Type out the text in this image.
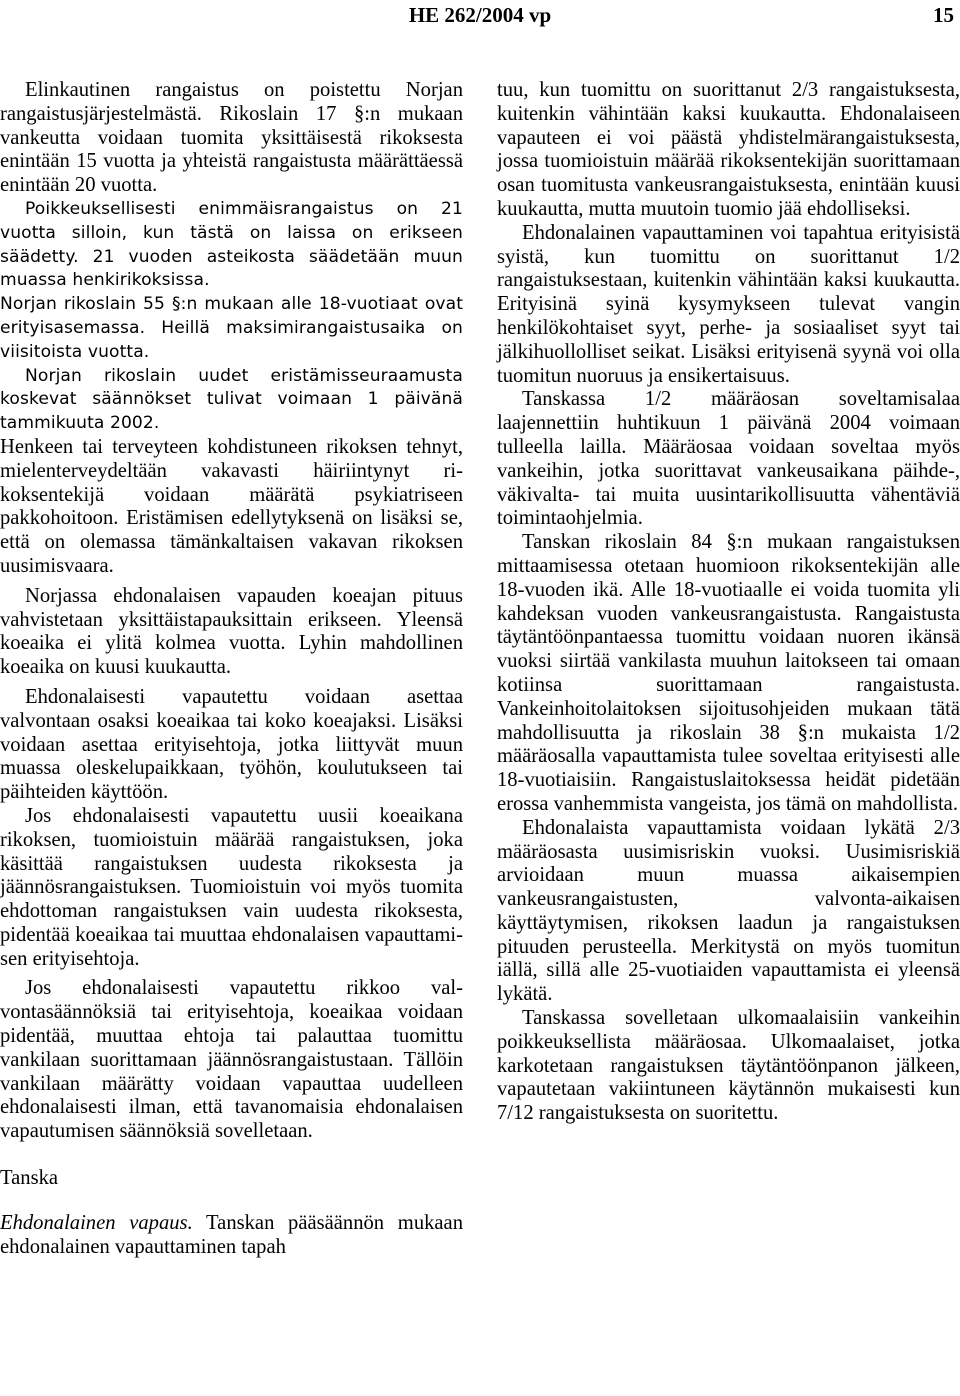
HE 262/2004 vp	15

Elinkautinen rangaistus on poistettu Norjan rangaistusjärjestelmästä. Rikoslain 17 §:n mukaan vankeutta voidaan tuomita yksittäisestä rikoksesta enintään 15 vuotta ja yhteistä rangaistusta määrättäessä enintään 20 vuotta.

Poikkeuksellisesti enimmäisrangaistus on 21 vuotta silloin, kun tästä on laissa on erikseen säädetty. 21 vuoden asteikosta säädetään muun muassa henkirikoksissa.

Norjan rikoslain 55 §:n mukaan alle 18-vuotiaat ovat erityisasemassa. Heillä maksimirangaistusaika on viisitoista vuotta.

Norjan rikoslain uudet eristämisseuraamusta koskevat säännökset tulivat voimaan 1 päivänä tammikuuta 2002.

Henkeen tai terveyteen kohdistuneen rikoksen tehnyt, mielenterveydeltään vakavasti häiriintynyt rikoksentekijä voidaan määrätä psykiatriseen pakkohoitoon. Eristämisen edellytyksenä on lisäksi se, että on olemassa tämänkaltaisen vakavan rikoksen uusimisvaara.

Norjassa ehdonalaisen vapauden koeajan pituus vahvistetaan yksittäistapauksittain erikseen. Yleensä koeaika ei ylitä kolmea vuotta. Lyhin mahdollinen koeaika on kuusi kuukautta.

Ehdonalaisesti vapautettu voidaan asettaa valvontaan osaksi koeaikaa tai koko koeajaksi. Lisäksi voidaan asettaa erityisehtoja, jotka liittyvät muun muassa oleskelupaikkaan, työhön, koulutukseen tai päihteiden käyttöön.

Jos ehdonalaisesti vapautettu uusii koeaikana rikoksen, tuomioistuin määrää rangaistuksen, joka käsittää rangaistuksen uudesta rikoksesta ja jäännösrangaistuksen. Tuomioistuin voi myös tuomita ehdottoman rangaistuksen vain uudesta rikoksesta, pidentää koeaikaa tai muuttaa ehdonalaisen vapauttamisen erityisehtoja.

Jos ehdonalaisesti vapautettu rikkoo valvontasäännöksiä tai erityisehtoja, koeaikaa voidaan pidentää, muuttaa ehtoja tai palauttaa tuomittu vankilaan suorittamaan jäännösrangaistustaan. Tällöin vankilaan määrätty voidaan vapauttaa uudelleen ehdonalaisesti ilman, että tavanomaisia ehdonalaisen vapautumisen säännöksiä sovelletaan.

Tanska

Ehdonalainen vapaus. Tanskan pääsäännön mukaan ehdonalainen vapauttaminen tapah

tuu, kun tuomittu on suorittanut 2/3 rangaistuksesta, kuitenkin vähintään kaksi kuukautta. Ehdonalaiseen vapauteen ei voi päästä yhdistelmärangaistuksesta, jossa tuomioistuin määrää rikoksentekijän suorittamaan osan tuomitusta vankeusrangaistuksesta, enintään kuusi kuukautta, mutta muutoin tuomio jää ehdolliseksi.

Ehdonalainen vapauttaminen voi tapahtua erityisistä syistä, kun tuomittu on suorittanut 1/2 rangaistuksestaan, kuitenkin vähintään kaksi kuukautta. Erityisinä syinä kysymykseen tulevat vangin henkilökohtaiset syyt, perhe- ja sosiaaliset syyt tai jälkihuollolliset seikat. Lisäksi erityisenä syynä voi olla tuomitun nuoruus ja ensikertaisuus.

Tanskassa 1/2 määräosan soveltamisalaa laajennettiin huhtikuun 1 päivänä 2004 voimaan tulleella lailla. Määräosaa voidaan soveltaa myös vankeihin, jotka suorittavat vankeusaikana päihde-, väkivalta- tai muita uusintarikollisuutta vähentäviä toimintaohjelmia.

Tanskan rikoslain 84 §:n mukaan rangaistuksen mittaamisessa otetaan huomioon rikoksentekijän alle 18-vuoden ikä. Alle 18-vuotiaalle ei voida tuomita yli kahdeksan vuoden vankeusrangaistusta. Rangaistusta täytäntöönpantaessa tuomittu voidaan nuoren ikänsä vuoksi siirtää vankilasta muuhun laitokseen tai omaan kotiinsa suorittamaan rangaistusta. Vankeinhoitolaitoksen sijoitusohjeiden mukaan tätä mahdollisuutta ja rikoslain 38 §:n mukaista 1/2 määräosalla vapauttamista tulee soveltaa erityisesti alle 18-vuotiaisiin. Rangaistuslaitoksessa heidät pidetään erossa vanhemmista vangeista, jos tämä on mahdollista.

Ehdonalaista vapauttamista voidaan lykätä 2/3 määräosasta uusimisriskin vuoksi. Uusimisriskiä arvioidaan muun muassa aikaisempien vankeusrangaistusten, valvonta-aikaisen käyttäytymisen, rikoksen laadun ja rangaistuksen pituuden perusteella. Merkitystä on myös tuomitun iällä, sillä alle 25-vuotiaiden vapauttamista ei yleensä lykätä.

Tanskassa sovelletaan ulkomaalaisiin vankeihin poikkeuksellista määräosaa. Ulkomaalaiset, jotka karkotetaan rangaistuksen täytäntöönpanon jälkeen, vapautetaan vakiintuneen käytännön mukaisesti kun 7/12 rangaistuksesta on suoritettu.
